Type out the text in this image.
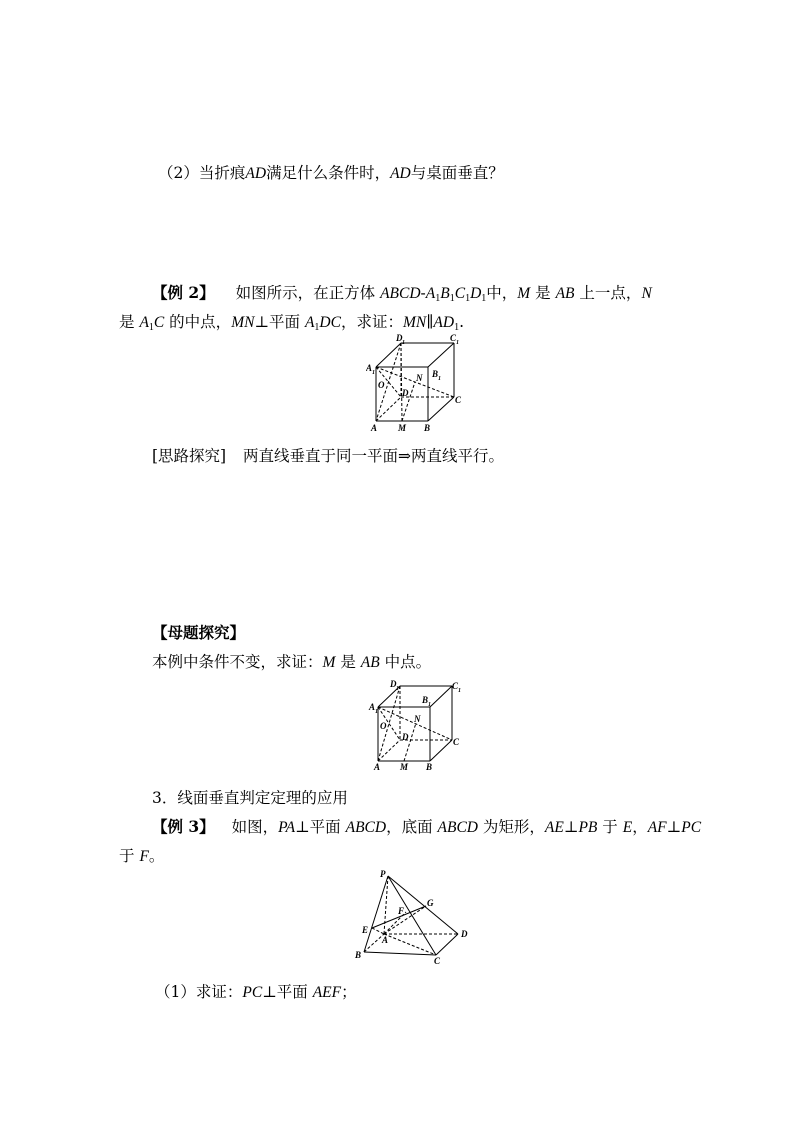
（2）当折痕AD满足什么条件时，AD与桌面垂直？
【例 2】 如图所示，在正方体 ABCD-$A_1B_1C_1D_1$中，M 是 AB 上一点，N
是 $A_1C$ 的中点，MN⊥平面 $A_1DC$，求证：$MN\parallel AD_1$.
A 1
D 1	C 1
B 1
O
N
D
C
A M B
[思路探究] 两直线垂直于同一平面⇒两直线平行。
【母题探究】
本例中条件不变，求证：M 是 AB 中点。
D 1	C 1
B 1
A 1
N
O
D	C
A M B
3．线面垂直判定定理的应用
【例 3】 如图，PA⊥平面 ABCD，底面 ABCD 为矩形，AE⊥PB 于 E，AF⊥PC
于 F。
P
F
G
E
A
D
B
C
（1）求证：PC⊥平面 AEF；
